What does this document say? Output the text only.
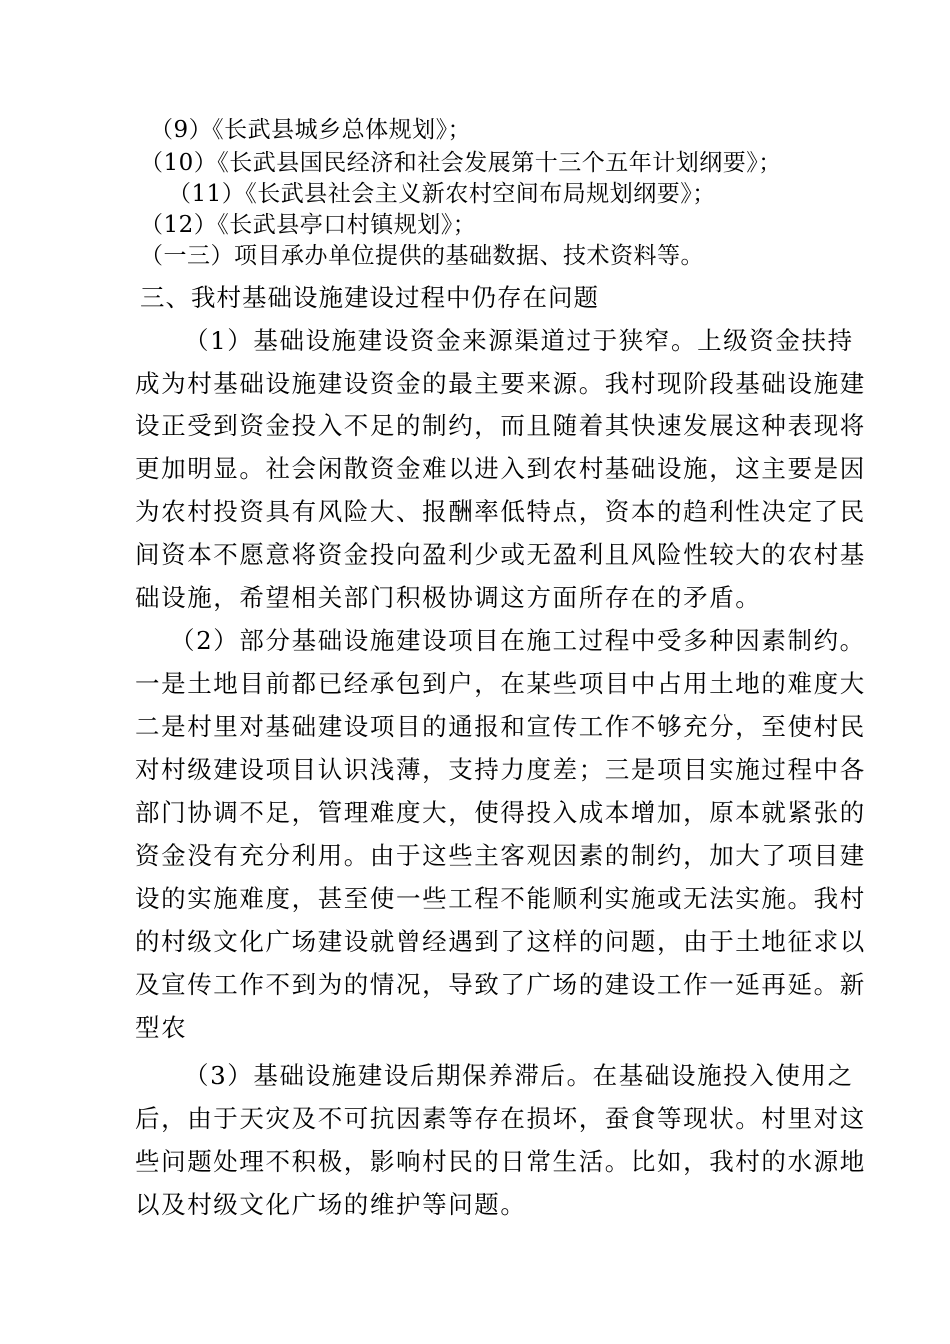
（9）《长武县城乡总体规划》；
（10）《长武县国民经济和社会发展第十三个五年计划纲要》；
（11）《长武县社会主义新农村空间布局规划纲要》；
（12）《长武县亭口村镇规划》；
（一三）项目承办单位提供的基础数据、技术资料等。
三、我村基础设施建设过程中仍存在问题
（1）基础设施建设资金来源渠道过于狭窄。上级资金扶持
成为村基础设施建设资金的最主要来源。我村现阶段基础设施建
设正受到资金投入不足的制约，而且随着其快速发展这种表现将
更加明显。社会闲散资金难以进入到农村基础设施，这主要是因
为农村投资具有风险大、报酬率低特点，资本的趋利性决定了民
间资本不愿意将资金投向盈利少或无盈利且风险性较大的农村基
础设施，希望相关部门积极协调这方面所存在的矛盾。
（2）部分基础设施建设项目在施工过程中受多种因素制约。
一是土地目前都已经承包到户，在某些项目中占用土地的难度大
二是村里对基础建设项目的通报和宣传工作不够充分，至使村民
对村级建设项目认识浅薄，支持力度差；三是项目实施过程中各
部门协调不足，管理难度大，使得投入成本增加，原本就紧张的
资金没有充分利用。由于这些主客观因素的制约，加大了项目建
设的实施难度，甚至使一些工程不能顺利实施或无法实施。我村
的村级文化广场建设就曾经遇到了这样的问题，由于土地征求以
及宣传工作不到为的情况，导致了广场的建设工作一延再延。新
型农
（3）基础设施建设后期保养滞后。在基础设施投入使用之
后，由于天灾及不可抗因素等存在损坏，蚕食等现状。村里对这
些问题处理不积极，影响村民的日常生活。比如，我村的水源地
以及村级文化广场的维护等问题。
